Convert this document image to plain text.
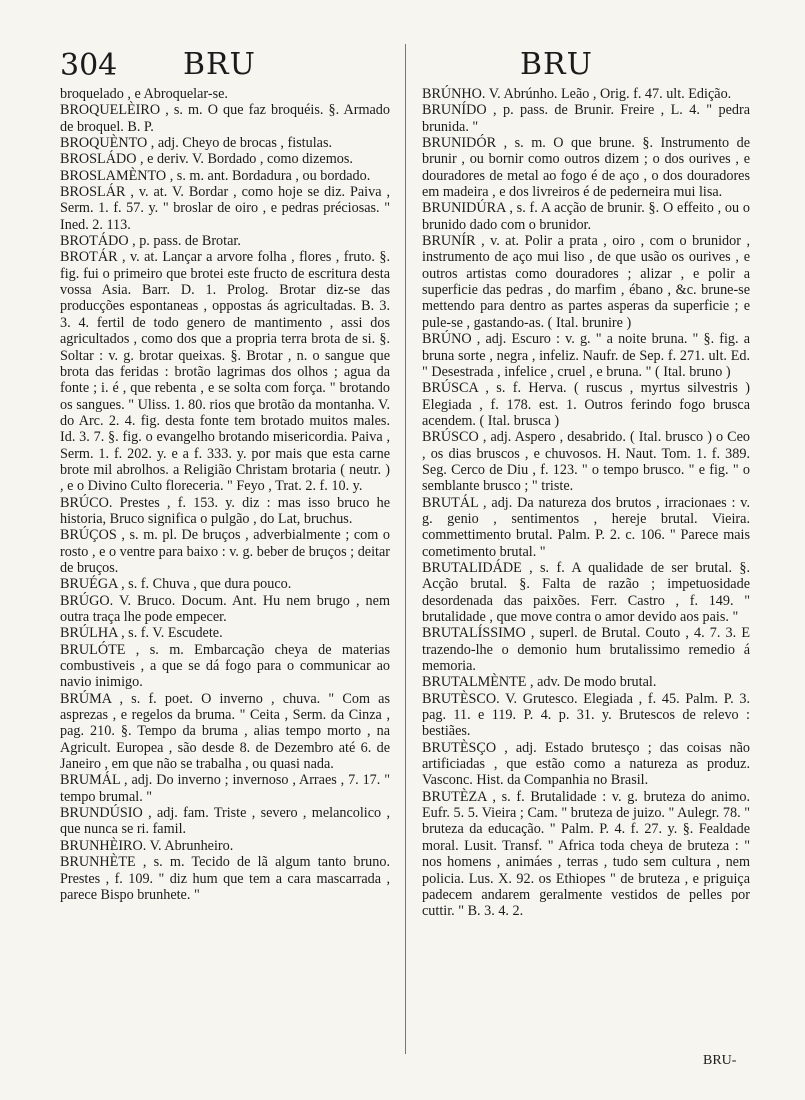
304 BRU	BRU

broquelado , e Abroquelar-se.

BROQUELÈIRO , s. m. O que faz broquéis. §. Armado de broquel. B. P.

BROQUÈNTO , adj. Cheyo de brocas , fistulas.

BROSLÁDO , e deriv. V. Bordado , como dizemos.

BROSLAMÈNTO , s. m. ant. Bordadura , ou bordado.

BROSLÁR , v. at. V. Bordar , como hoje se diz. Paiva , Serm. 1. f. 57. y. " broslar de oiro , e pedras préciosas. " Ined. 2. 113.

BROTÁDO , p. pass. de Brotar.

BROTÁR , v. at. Lançar a arvore folha , flores , fruto. §. fig. fui o primeiro que brotei este fructo de escritura desta vossa Asia. Barr. D. 1. Prolog. Brotar diz-se das producções espontaneas , oppostas ás agricultadas. B. 3. 3. 4. fertil de todo genero de mantimento , assi dos agricultados , como dos que a propria terra brota de si. §. Soltar : v. g. brotar queixas. §. Brotar , n. o sangue que brota das feridas : brotão lagrimas dos olhos ; agua da fonte ; i. é , que rebenta , e se solta com força. " brotando os sangues. " Uliss. 1. 80. rios que brotão da montanha. V. do Arc. 2. 4. fig. desta fonte tem brotado muitos males. Id. 3. 7. §. fig. o evangelho brotando misericordia. Paiva , Serm. 1. f. 202. y. e a f. 333. y. por mais que esta carne brote mil abrolhos. a Religião Christam brotaria ( neutr. ) , e o Divino Culto floreceria. " Feyo , Trat. 2. f. 10. y.

BRÚCO. Prestes , f. 153. y. diz : mas isso bruco he historia, Bruco significa o pulgão , do Lat, bruchus.

BRÚÇOS , s. m. pl. De bruços , adverbialmente ; com o rosto , e o ventre para baixo : v. g. beber de bruços ; deitar de bruços.

BRUÉGA , s. f. Chuva , que dura pouco.

BRÚGO. V. Bruco. Docum. Ant. Hu nem brugo , nem outra traça lhe pode empecer.

BRÚLHA , s. f. V. Escudete.

BRULÓTE , s. m. Embarcação cheya de materias combustiveis , a que se dá fogo para o communicar ao navio inimigo.

BRÚMA , s. f. poet. O inverno , chuva. " Com as asprezas , e regelos da bruma. " Ceita , Serm. da Cinza , pag. 210. §. Tempo da bruma , alias tempo morto , na Agricult. Europea , são desde 8. de Dezembro até 6. de Janeiro , em que não se trabalha , ou quasi nada.

BRUMÁL , adj. Do inverno ; invernoso , Arraes , 7. 17. " tempo brumal. "

BRUNDÚSIO , adj. fam. Triste , severo , melancolico , que nunca se ri. famil.

BRUNHÈIRO. V. Abrunheiro.

BRUNHÈTE , s. m. Tecido de lã algum tanto bruno. Prestes , f. 109. " diz hum que tem a cara mascarrada , parece Bispo brunhete. "

BRÚNHO. V. Abrúnho. Leão , Orig. f. 47. ult. Edição.

BRUNÍDO , p. pass. de Brunir. Freire , L. 4. " pedra brunida. "

BRUNIDÓR , s. m. O que brune. §. Instrumento de brunir , ou bornir como outros dizem ; o dos ourives , e douradores de metal ao fogo é de aço , o dos douradores em madeira , e dos livreiros é de pederneira mui lisa.

BRUNIDÚRA , s. f. A acção de brunir. §. O effeito , ou o brunido dado com o brunidor.

BRUNÍR , v. at. Polir a prata , oiro , com o brunidor , instrumento de aço mui liso , de que usão os ourives , e outros artistas como douradores ; alizar , e polir a superficie das pedras , do marfim , ébano , &c. brune-se mettendo para dentro as partes asperas da superficie ; e pule-se , gastando-as. ( Ital. brunire )

BRÚNO , adj. Escuro : v. g. " a noite bruna. " §. fig. a bruna sorte , negra , infeliz. Naufr. de Sep. f. 271. ult. Ed. " Desestrada , infelice , cruel , e bruna. " ( Ital. bruno )

BRÚSCA , s. f. Herva. ( ruscus , myrtus silvestris ) Elegiada , f. 178. est. 1. Outros ferindo fogo brusca acendem. ( Ital. brusca )

BRÚSCO , adj. Aspero , desabrido. ( Ital. brusco ) o Ceo , os dias bruscos , e chuvosos. H. Naut. Tom. 1. f. 389. Seg. Cerco de Diu , f. 123. " o tempo brusco. " e fig. " o semblante brusco ; " triste.

BRUTÁL , adj. Da natureza dos brutos , irracionaes : v. g. genio , sentimentos , hereje brutal. Vieira. commettimento brutal. Palm. P. 2. c. 106. " Parece mais cometimento brutal. "

BRUTALIDÁDE , s. f. A qualidade de ser brutal. §. Acção brutal. §. Falta de razão ; impetuosidade desordenada das paixões. Ferr. Castro , f. 149. " brutalidade , que move contra o amor devido aos pais. "

BRUTALÍSSIMO , superl. de Brutal. Couto , 4. 7. 3. E trazendo-lhe o demonio hum brutalissimo remedio á memoria.

BRUTALMÈNTE , adv. De modo brutal.

BRUTÈSCO. V. Grutesco. Elegiada , f. 45. Palm. P. 3. pag. 11. e 119. P. 4. p. 31. y. Brutescos de relevo : bestiães.

BRUTÈSÇO , adj. Estado brutesço ; das coisas não artificiadas , que estão como a natureza as produz. Vasconc. Hist. da Companhia no Brasil.

BRUTÈZA , s. f. Brutalidade : v. g. bruteza do animo. Eufr. 5. 5. Vieira ; Cam. " bruteza de juizo. " Aulegr. 78. " bruteza da educação. " Palm. P. 4. f. 27. y. §. Fealdade moral. Lusit. Transf. " Africa toda cheya de bruteza : " nos homens , animáes , terras , tudo sem cultura , nem policia. Lus. X. 92. os Ethiopes " de bruteza , e priguiça padecem andarem geralmente vestidos de pelles por cuttir. " B. 3. 4. 2.

BRU-
